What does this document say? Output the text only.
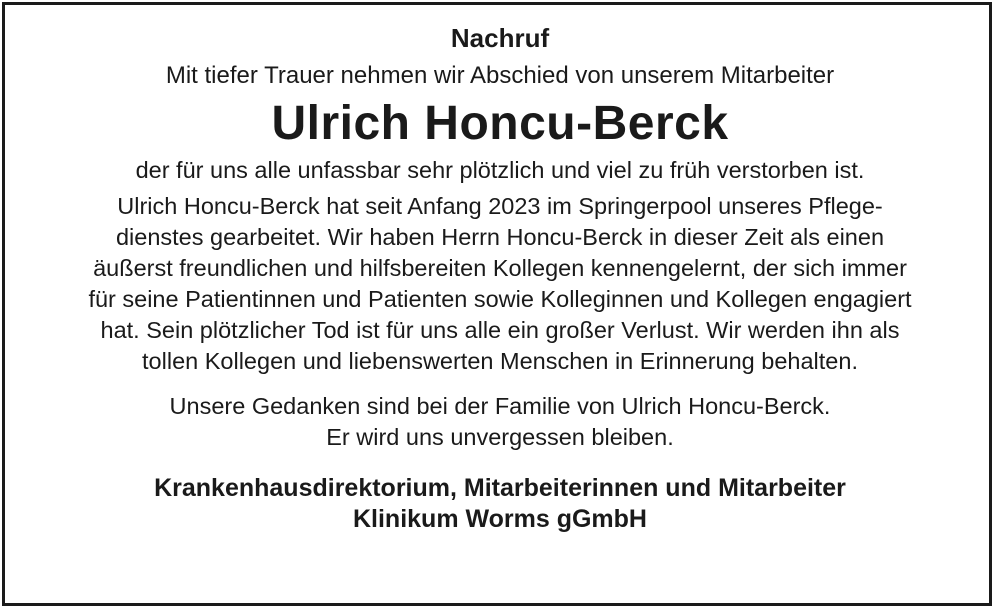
Nachruf
Mit tiefer Trauer nehmen wir Abschied von unserem Mitarbeiter
Ulrich Honcu-Berck
der für uns alle unfassbar sehr plötzlich und viel zu früh verstorben ist.
Ulrich Honcu-Berck hat seit Anfang 2023 im Springerpool unseres Pflege-
dienstes gearbeitet. Wir haben Herrn Honcu-Berck in dieser Zeit als einen
äußerst freundlichen und hilfsbereiten Kollegen kennengelernt, der sich immer
für seine Patientinnen und Patienten sowie Kolleginnen und Kollegen engagiert
hat. Sein plötzlicher Tod ist für uns alle ein großer Verlust. Wir werden ihn als
tollen Kollegen und liebenswerten Menschen in Erinnerung behalten.
Unsere Gedanken sind bei der Familie von Ulrich Honcu-Berck.
Er wird uns unvergessen bleiben.
Krankenhausdirektorium, Mitarbeiterinnen und Mitarbeiter
Klinikum Worms gGmbH
